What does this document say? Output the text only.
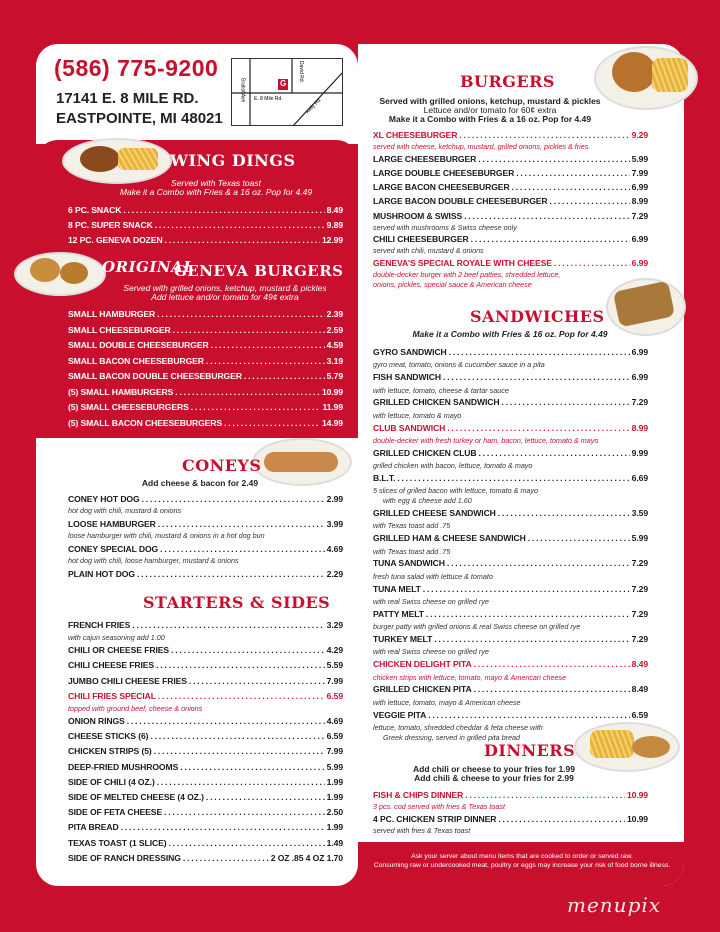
(586) 775-9200
17141 E. 8 MILE RD.
EASTPOINTE, MI 48021
G
Gratiot Ave
David Rd.
E. 8 Mile Rd.	Kelly Rd.
WING DINGS
Served with Texas toast
Make it a Combo with Fries & a 16 oz. Pop for 4.49
6 PC. SNACK . . .	8.49
8 PC. SUPER SNACK . . .	9.89
12 PC. GENEVA DOZEN . . .	12.99
ORIGINAL
GENEVA BURGERS
Served with grilled onions, ketchup, mustard & pickles
Add lettuce and/or tomato for 49¢ extra
SMALL HAMBURGER . . .	2.39
SMALL CHEESEBURGER . . .	2.59
SMALL DOUBLE CHEESEBURGER . . .	4.59
SMALL BACON CHEESEBURGER . . .	3.19
SMALL BACON DOUBLE CHEESEBURGER . . .	5.79
(5) SMALL HAMBURGERS . . .	10.99
(5) SMALL CHEESEBURGERS . . .	11.99
(5) SMALL BACON CHEESEBURGERS . . .	14.99
CONEYS
Add cheese & bacon for 2.49
CONEY HOT DOG . . .	2.99
hot dog with chili, mustard & onions
LOOSE HAMBURGER . . .	3.99
loose hamburger with chili, mustard & onions in a hot dog bun
CONEY SPECIAL DOG . . .	4.69
hot dog with chili, loose hamburger, mustard & onions
PLAIN HOT DOG . . .	2.29
STARTERS & SIDES
FRENCH FRIES . . .	3.29
with cajun seasoning add 1.00
CHILI OR CHEESE FRIES . . .	4.29
CHILI CHEESE FRIES . . .	5.59
JUMBO CHILI CHEESE FRIES . . .	7.99
CHILI FRIES SPECIAL . . .	6.59
topped with ground beef, cheese & onions
ONION RINGS . . .	4.69
CHEESE STICKS (6) . . .	6.59
CHICKEN STRIPS (5) . . .	7.99
DEEP-FRIED MUSHROOMS . . .	5.99
SIDE OF CHILI (4 OZ.) . . .	1.99
SIDE OF MELTED CHEESE (4 OZ.) . . .	1.99
SIDE OF FETA CHEESE . . .	2.50
PITA BREAD . . .	1.99
TEXAS TOAST (1 SLICE) . . .	1.49
SIDE OF RANCH DRESSING . . .	2 OZ .85 4 OZ 1.70
BURGERS
Served with grilled onions, ketchup, mustard & pickles
Lettuce and/or tomato for 60¢ extra
Make it a Combo with Fries & a 16 oz. Pop for 4.49
XL CHEESEBURGER . . .	9.29
served with cheese, ketchup, mustard, grilled onions, pickles & fries
LARGE CHEESEBURGER . . .	5.99
LARGE DOUBLE CHEESEBURGER . . .	7.99
LARGE BACON CHEESEBURGER . . .	6.99
LARGE BACON DOUBLE CHEESEBURGER . . .	8.99
MUSHROOM & SWISS . . .	7.29
served with mushrooms & Swiss cheese only
CHILI CHEESEBURGER . . .	6.99
served with chili, mustard & onions
GENEVA'S SPECIAL ROYALE WITH CHEESE . . .	6.99
double-decker burger with 2 beef patties, shredded lettuce,
onions, pickles, special sauce & American cheese
SANDWICHES
Make it a Combo with Fries & 16 oz. Pop for 4.49
GYRO SANDWICH . . .	6.99
gyro meat, tomato, onions & cucumber sauce in a pita
FISH SANDWICH . . .	6.99
with lettuce, tomato, cheese & tartar sauce
GRILLED CHICKEN SANDWICH . . .	7.29
with lettuce, tomato & mayo
CLUB SANDWICH . . .	8.99
double-decker with fresh turkey or ham, bacon, lettuce, tomato & mayo
GRILLED CHICKEN CLUB . . .	9.99
grilled chicken with bacon, lettuce, tomato & mayo
B.L.T. . . .	6.69
5 slices of grilled bacon with lettuce, tomato & mayo
with egg & cheese add 1.60
GRILLED CHEESE SANDWICH . . .	3.59
with Texas toast add .75
GRILLED HAM & CHEESE SANDWICH . . .	5.99
with Texas toast add .75
TUNA SANDWICH . . .	7.29
fresh tuna salad with lettuce & tomato
TUNA MELT . . .	7.29
with real Swiss cheese on grilled rye
PATTY MELT . . .	7.29
burger patty with grilled onions & real Swiss cheese on grilled rye
TURKEY MELT . . .	7.29
with real Swiss cheese on grilled rye
CHICKEN DELIGHT PITA . . .	8.49
chicken strips with lettuce, tomato, mayo & American cheese
GRILLED CHICKEN PITA . . .	8.49
with lettuce, tomato, mayo & American cheese
VEGGIE PITA . . .	6.59
lettuce, tomato, shredded cheddar & feta cheese with
Greek dressing, served in grilled pita bread
DINNERS
Add chili or cheese to your fries for 1.99
Add chili & cheese to your fries for 2.99
FISH & CHIPS DINNER . . .	10.99
3 pcs. cod served with fries & Texas toast
4 PC. CHICKEN STRIP DINNER . . .	10.99
served with fries & Texas toast
Ask your server about menu items that are cooked to order or served raw.
Consuming raw or undercooked meat, poultry or eggs may increase your risk of food borne illness.
menupix
